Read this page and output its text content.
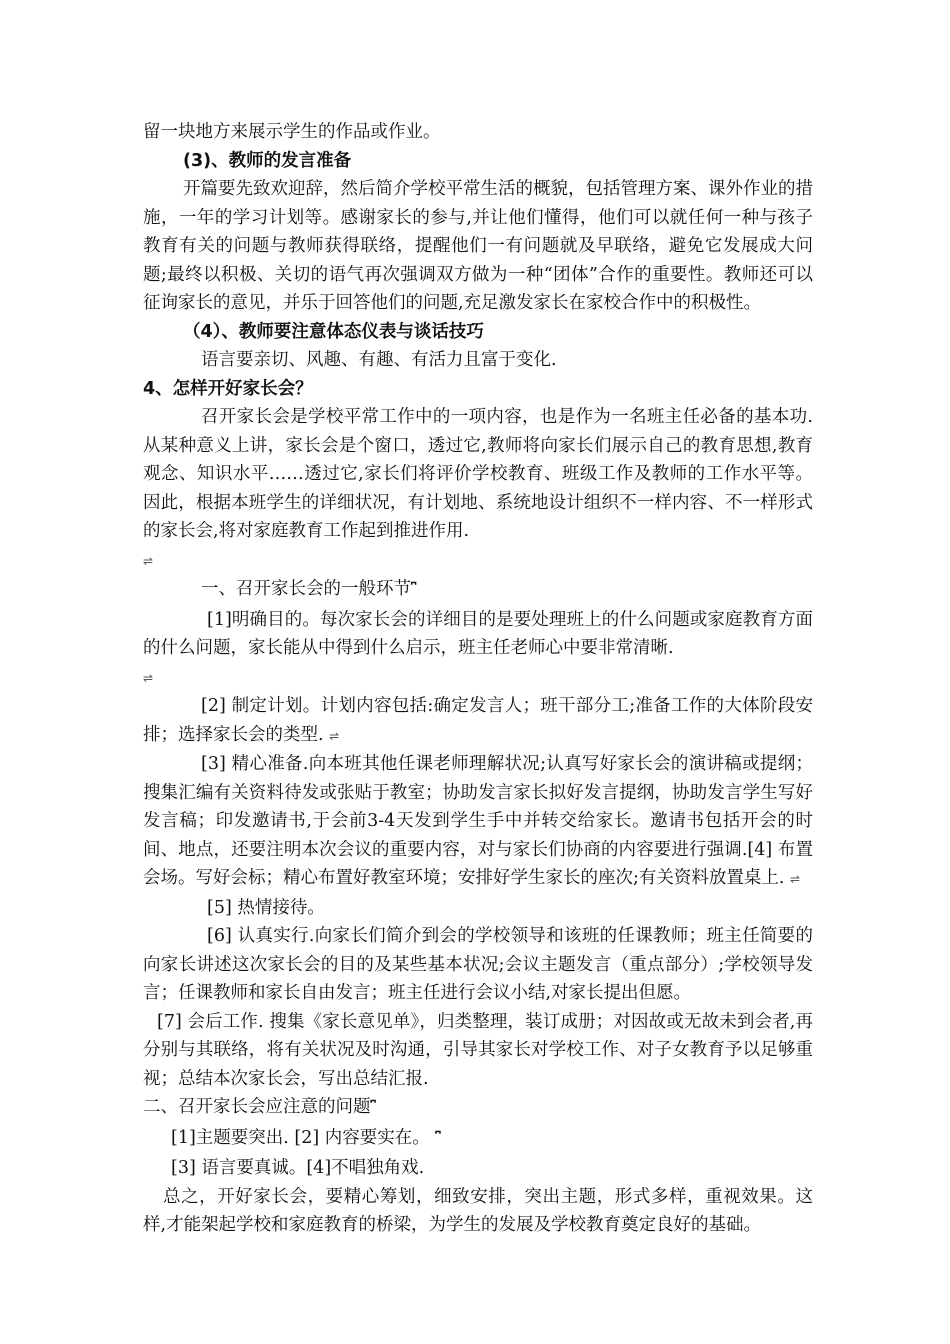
留一块地方来展示学生的作品或作业。

(3)、教师的发言准备

开篇要先致欢迎辞，然后简介学校平常生活的概貌，包括管理方案、课外作业的措施，一年的学习计划等。感谢家长的参与,并让他们懂得，他们可以就任何一种与孩子教育有关的问题与教师获得联络，提醒他们一有问题就及早联络，避免它发展成大问题;最终以积极、关切的语气再次强调双方做为一种“团体”合作的重要性。教师还可以征询家长的意见，并乐于回答他们的问题,充足激发家长在家校合作中的积极性。

（4）、教师要注意体态仪表与谈话技巧

语言要亲切、风趣、有趣、有活力且富于变化.

4、怎样开好家长会？

召开家长会是学校平常工作中的一项内容，也是作为一名班主任必备的基本功.从某种意义上讲，家长会是个窗口，透过它,教师将向家长们展示自己的教育思想,教育观念、知识水平……透过它,家长们将评价学校教育、班级工作及教师的工作水平等。因此，根据本班学生的详细状况，有计划地、系统地设计组织不一样内容、不一样形式的家长会,将对家庭教育工作起到推进作用.
⇌

一、召开家长会的一般环节⎴

[1]明确目的。每次家长会的详细目的是要处理班上的什么问题或家庭教育方面的什么问题，家长能从中得到什么启示，班主任老师心中要非常清晰.
⇌

[2] 制定计划。计划内容包括:确定发言人；班干部分工;准备工作的大体阶段安排；选择家长会的类型. ⇌

[3] 精心准备.向本班其他任课老师理解状况;认真写好家长会的演讲稿或提纲；搜集汇编有关资料待发或张贴于教室；协助发言家长拟好发言提纲，协助发言学生写好发言稿；印发邀请书,于会前3-4天发到学生手中并转交给家长。邀请书包括开会的时间、地点，还要注明本次会议的重要内容，对与家长们协商的内容要进行强调.[4] 布置会场。写好会标；精心布置好教室环境；安排好学生家长的座次;有关资料放置桌上. ⇌

[5] 热情接待。

[6] 认真实行.向家长们简介到会的学校领导和该班的任课教师；班主任简要的向家长讲述这次家长会的目的及某些基本状况;会议主题发言（重点部分）;学校领导发言；任课教师和家长自由发言；班主任进行会议小结,对家长提出但愿。

[7] 会后工作. 搜集《家长意见单》，归类整理，装订成册；对因故或无故未到会者,再分别与其联络，将有关状况及时沟通，引导其家长对学校工作、对子女教育予以足够重视；总结本次家长会，写出总结汇报.

二、召开家长会应注意的问题⎴

[1]主题要突出. [2] 内容要实在。 ⎴

[3] 语言要真诚。[4]不唱独角戏.

总之，开好家长会，要精心筹划，细致安排，突出主题，形式多样，重视效果。这样,才能架起学校和家庭教育的桥梁，为学生的发展及学校教育奠定良好的基础。
